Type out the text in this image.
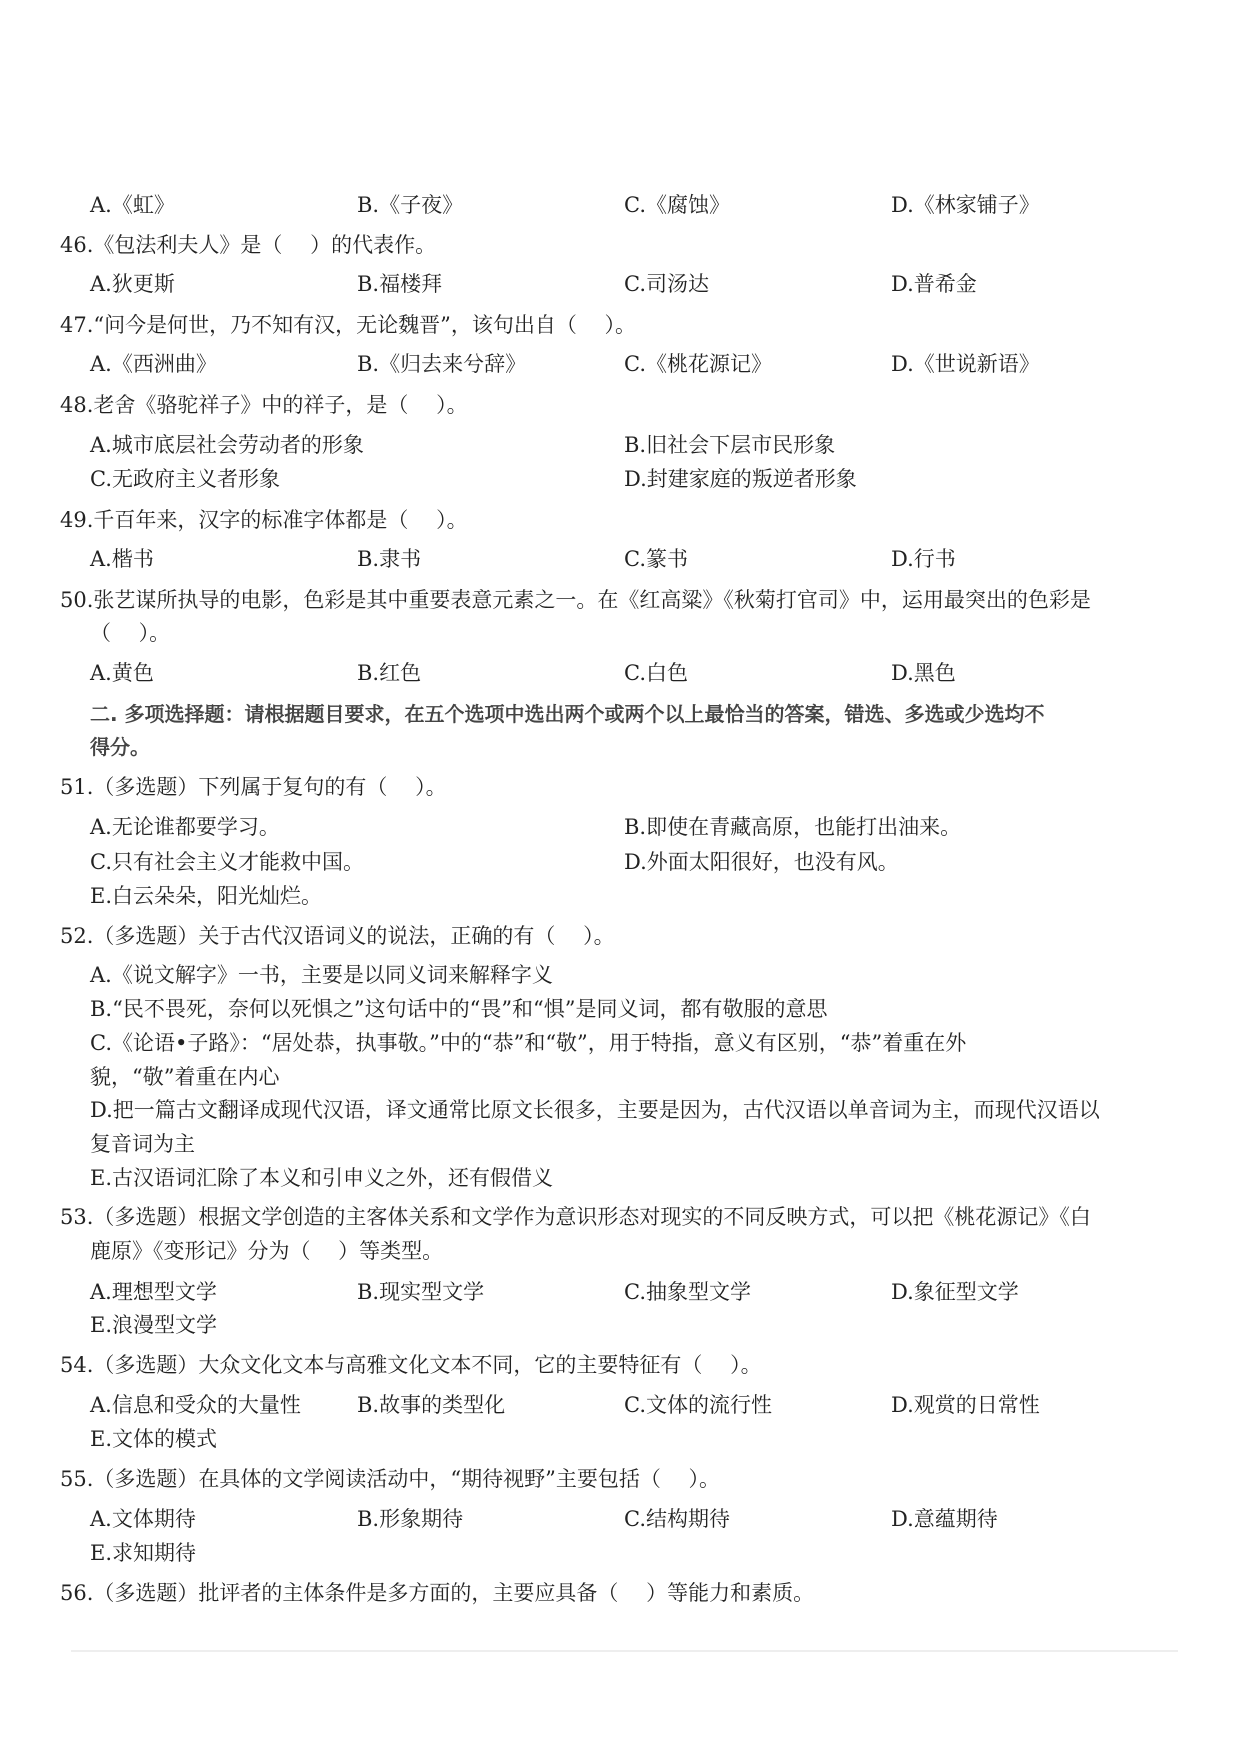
A.《虹》	B.《子夜》	C.《腐蚀》	D.《林家铺子》
46.《包法利夫人》是（　 ）的代表作。
A.狄更斯	B.福楼拜	C.司汤达	D.普希金
47.“问今是何世，乃不知有汉，无论魏晋”，该句出自（　 ）。
A.《西洲曲》	B.《归去来兮辞》	C.《桃花源记》	D.《世说新语》
48.老舍《骆驼祥子》中的祥子，是（　 ）。
A.城市底层社会劳动者的形象	B.旧社会下层市民形象
C.无政府主义者形象	D.封建家庭的叛逆者形象
49.千百年来，汉字的标准字体都是（　 ）。
A.楷书	B.隶书	C.篆书	D.行书
50.张艺谋所执导的电影，色彩是其中重要表意元素之一。在《红高粱》《秋菊打官司》中，运用最突出的色彩是
（　 ）。
A.黄色	B.红色	C.白色	D.黑色
二. 多项选择题：请根据题目要求，在五个选项中选出两个或两个以上最恰当的答案，错选、多选或少选均不
得分。
51.（多选题）下列属于复句的有（　 ）。
A.无论谁都要学习。	B.即使在青藏高原，也能打出油来。
C.只有社会主义才能救中国。	D.外面太阳很好，也没有风。
E.白云朵朵，阳光灿烂。
52.（多选题）关于古代汉语词义的说法，正确的有（　 ）。
A.《说文解字》一书，主要是以同义词来解释字义
B.“民不畏死，奈何以死惧之”这句话中的“畏”和“惧”是同义词，都有敬服的意思
C.《论语•子路》：“居处恭，执事敬。”中的“恭”和“敬”，用于特指，意义有区别，“恭”着重在外
貌，“敬”着重在内心
D.把一篇古文翻译成现代汉语，译文通常比原文长很多，主要是因为，古代汉语以单音词为主，而现代汉语以
复音词为主
E.古汉语词汇除了本义和引申义之外，还有假借义
53.（多选题）根据文学创造的主客体关系和文学作为意识形态对现实的不同反映方式，可以把《桃花源记》《白
鹿原》《变形记》分为（　 ）等类型。
A.理想型文学	B.现实型文学	C.抽象型文学	D.象征型文学
E.浪漫型文学
54.（多选题）大众文化文本与高雅文化文本不同，它的主要特征有（　 ）。
A.信息和受众的大量性	B.故事的类型化	C.文体的流行性	D.观赏的日常性
E.文体的模式
55.（多选题）在具体的文学阅读活动中，“期待视野”主要包括（　 ）。
A.文体期待	B.形象期待	C.结构期待	D.意蕴期待
E.求知期待
56.（多选题）批评者的主体条件是多方面的，主要应具备（　 ）等能力和素质。
